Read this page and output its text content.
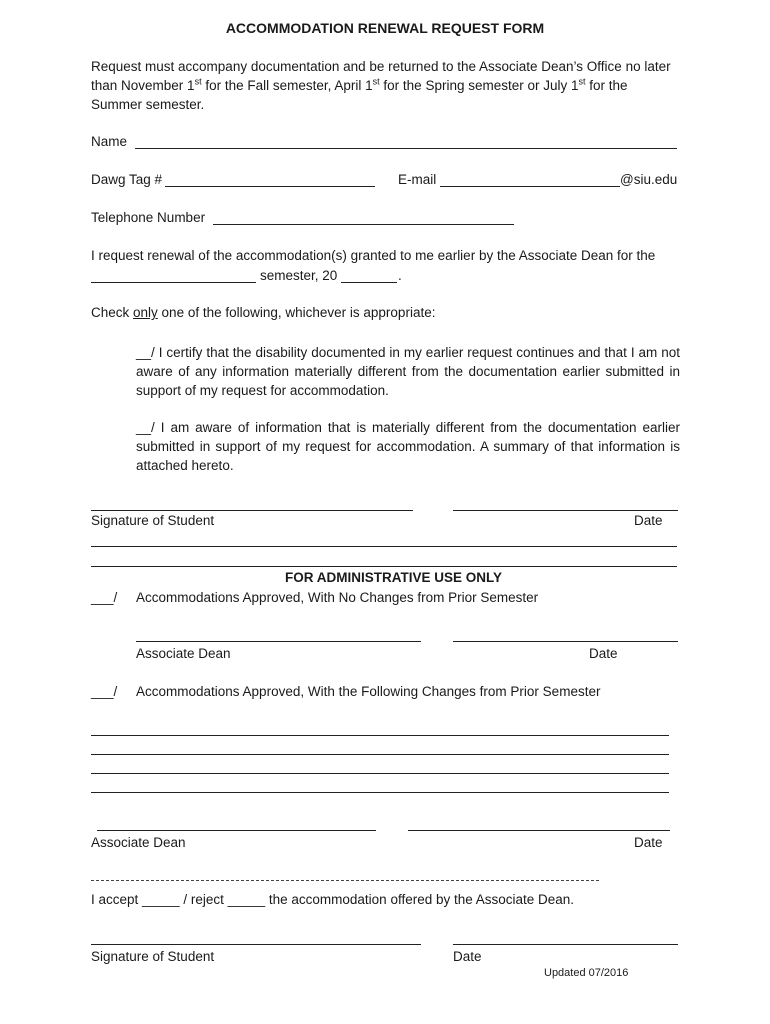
ACCOMMODATION RENEWAL REQUEST FORM
Request must accompany documentation and be returned to the Associate Dean’s Office no later
than November 1st for the Fall semester, April 1st for the Spring semester or July 1st for the
Summer semester.
Name
Dawg Tag #	E-mail	@siu.edu
Telephone Number
I request renewal of the accommodation(s) granted to me earlier by the Associate Dean for the
semester, 20	.
Check only one of the following, whichever is appropriate:
__/ I certify that the disability documented in my earlier request continues and that I am not aware of any information materially different from the documentation earlier submitted in support of my request for accommodation.
__/ I am aware of information that is materially different from the documentation earlier submitted in support of my request for accommodation. A summary of that information is attached hereto.
Signature of Student	Date
FOR ADMINISTRATIVE USE ONLY
___/ Accommodations Approved, With No Changes from Prior Semester
Associate Dean	Date
___/ Accommodations Approved, With the Following Changes from Prior Semester
Associate Dean	Date
I accept _____ / reject _____ the accommodation offered by the Associate Dean.
Signature of Student	Date
Updated 07/2016
